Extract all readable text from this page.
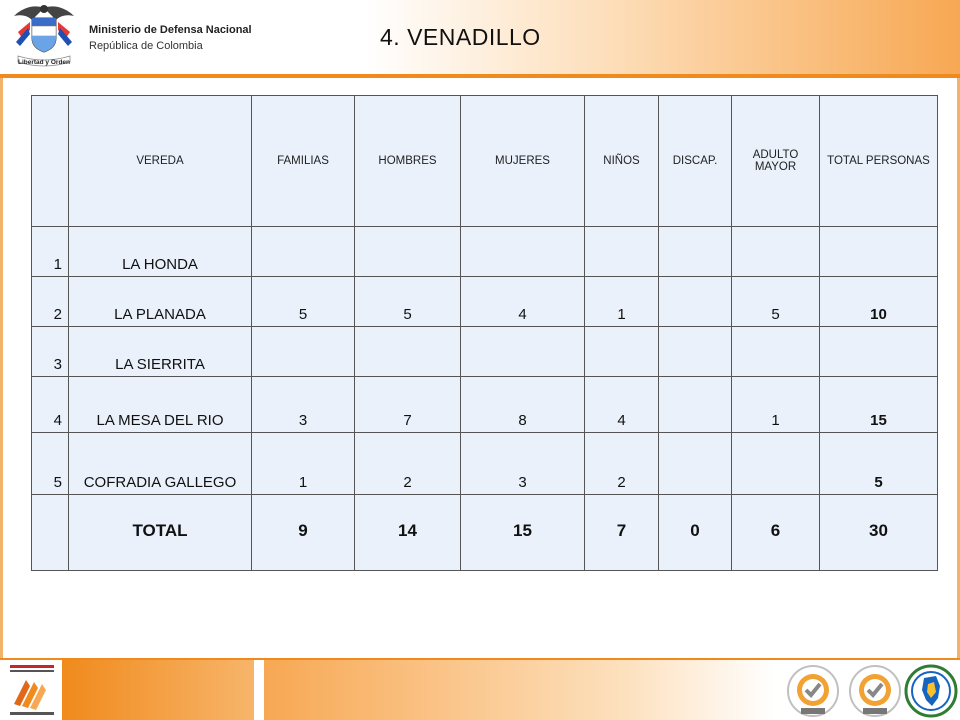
Libertad y Orden
Ministerio de Defensa Nacional
República de Colombia	4. VENADILLO
	VEREDA	FAMILIAS	HOMBRES	MUJERES	NIÑOS	DISCAP.	ADULTO MAYOR	TOTAL PERSONAS
1	LA HONDA							
2	LA PLANADA	5	5	4	1		5	10
3	LA SIERRITA							
4	LA MESA DEL RIO	3	7	8	4		1	15
5	COFRADIA GALLEGO	1	2	3	2			5
	TOTAL	9	14	15	7	0	6	30
